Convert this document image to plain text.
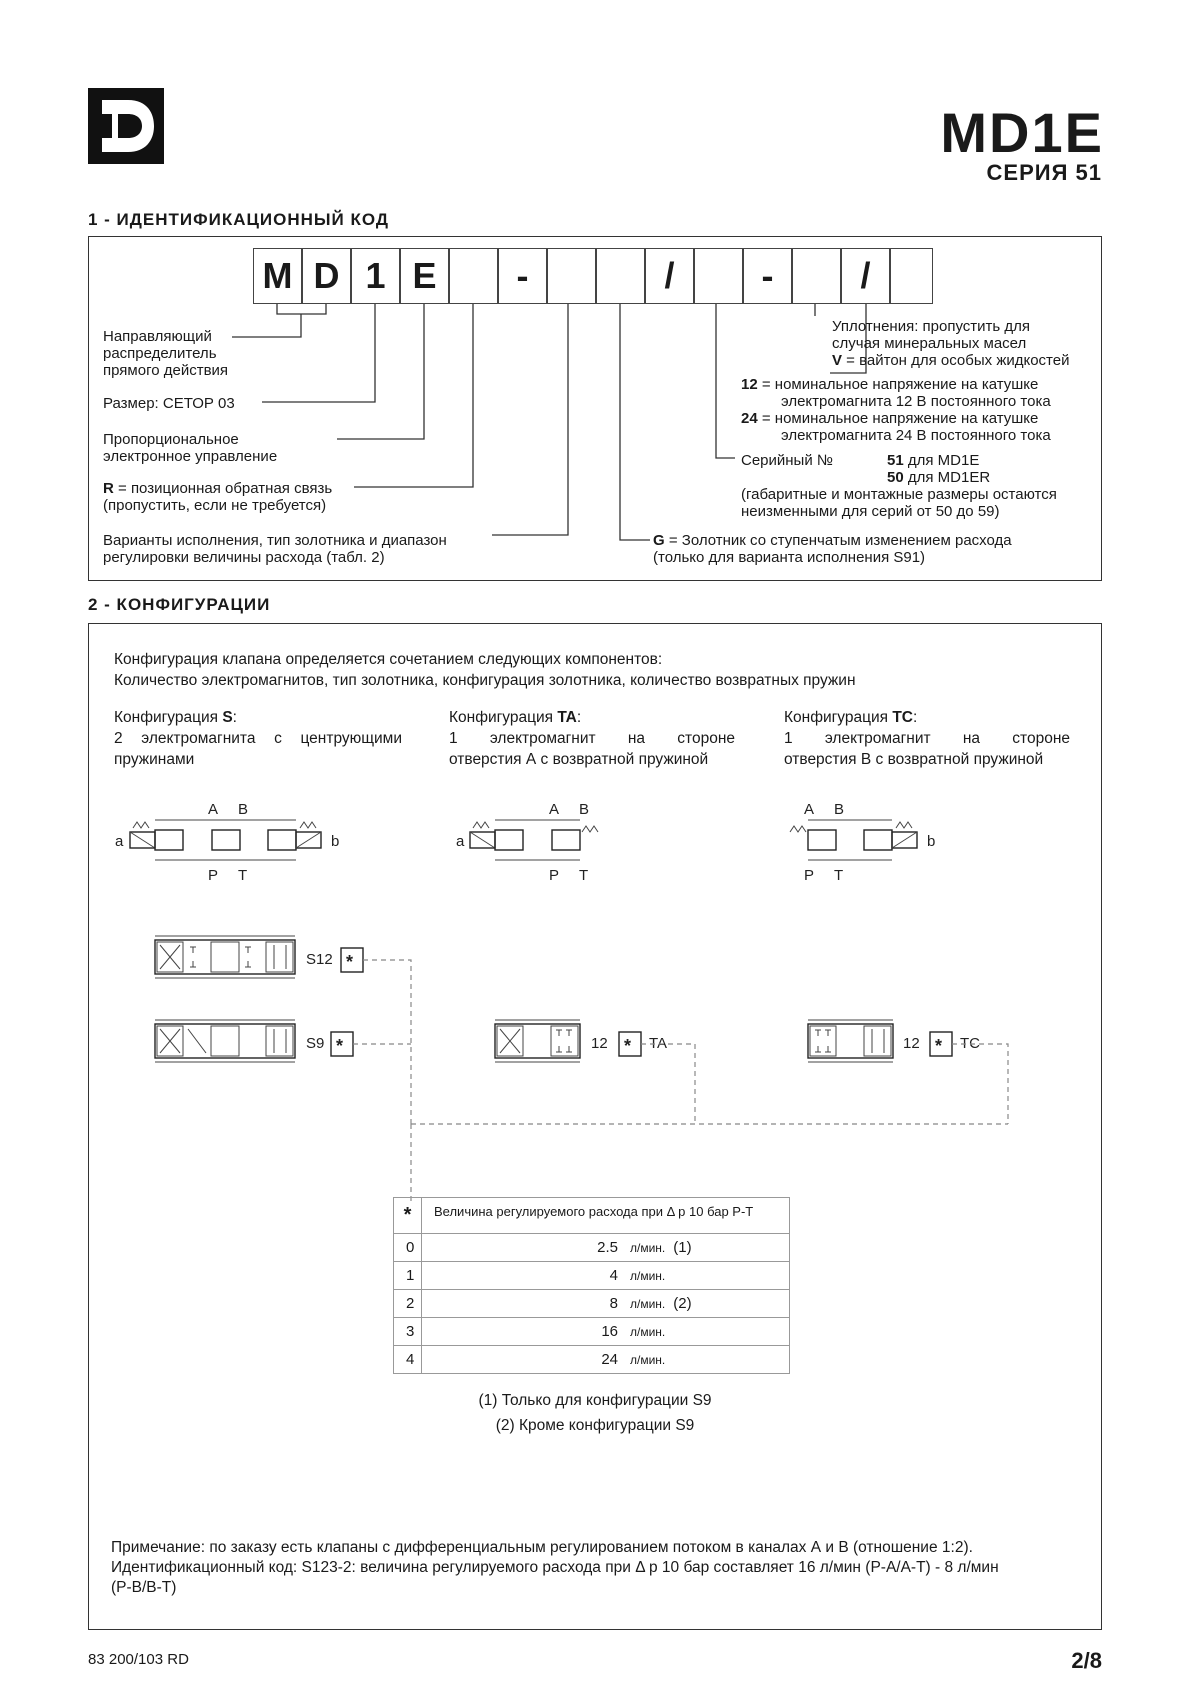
MD1E
СЕРИЯ 51
1 - ИДЕНТИФИКАЦИОННЫЙ КОД
M D 1 E	-	/	-	/
Направляющий
распределитель
прямого действия
Размер: СЕТОР 03
Пропорциональное
электронное управление
R = позиционная обратная связь
(пропустить, если не требуется)
Варианты исполнения, тип золотника и диапазон
регулировки величины расхода (табл. 2)
Уплотнения: пропустить для
случая минеральных масел
V = вайтон для особых жидкостей
12 = номинальное напряжение на катушке
электромагнита 12 В постоянного тока
24 = номинальное напряжение на катушке
электромагнита 24 В постоянного тока
Серийный №	51 для MD1E
50 для MD1ER
(габаритные и монтажные размеры остаются
неизменными для серий от 50 до 59)
G = Золотник со ступенчатым изменением расхода
(только для варианта исполнения S91)
2 - КОНФИГУРАЦИИ
Конфигурация клапана определяется сочетанием следующих компонентов:
Количество электромагнитов, тип золотника, конфигурация золотника, количество возвратных пружин
Конфигурация S:
2 электромагнита с центрующими
пружинами
Конфигурация TA:
1 электромагнит на стороне
отверстия А с возвратной пружиной
Конфигурация TC:
1 электромагнит на стороне
отверстия В с возвратной пружиной
a	b
A B
P T
a
A B
P T
b
A B
P T
S12 *
S9 *	12 * TA	12 * TC
*	Величина регулируемого расхода при Δ р 10 бар P-T
0	2.5 л/мин. (1)
1	4 л/мин.
2	8 л/мин. (2)
3	16 л/мин.
4	24 л/мин.
(1) Только для конфигурации S9
(2) Кроме конфигурации S9
Примечание: по заказу есть клапаны с дифференциальным регулированием потоком в каналах А и В (отношение 1:2).
Идентификационный код: S123-2: величина регулируемого расхода при Δ р 10 бар составляет 16 л/мин (P-A/A-T) - 8 л/мин
(P-B/B-T)
83 200/103 RD	2/8
